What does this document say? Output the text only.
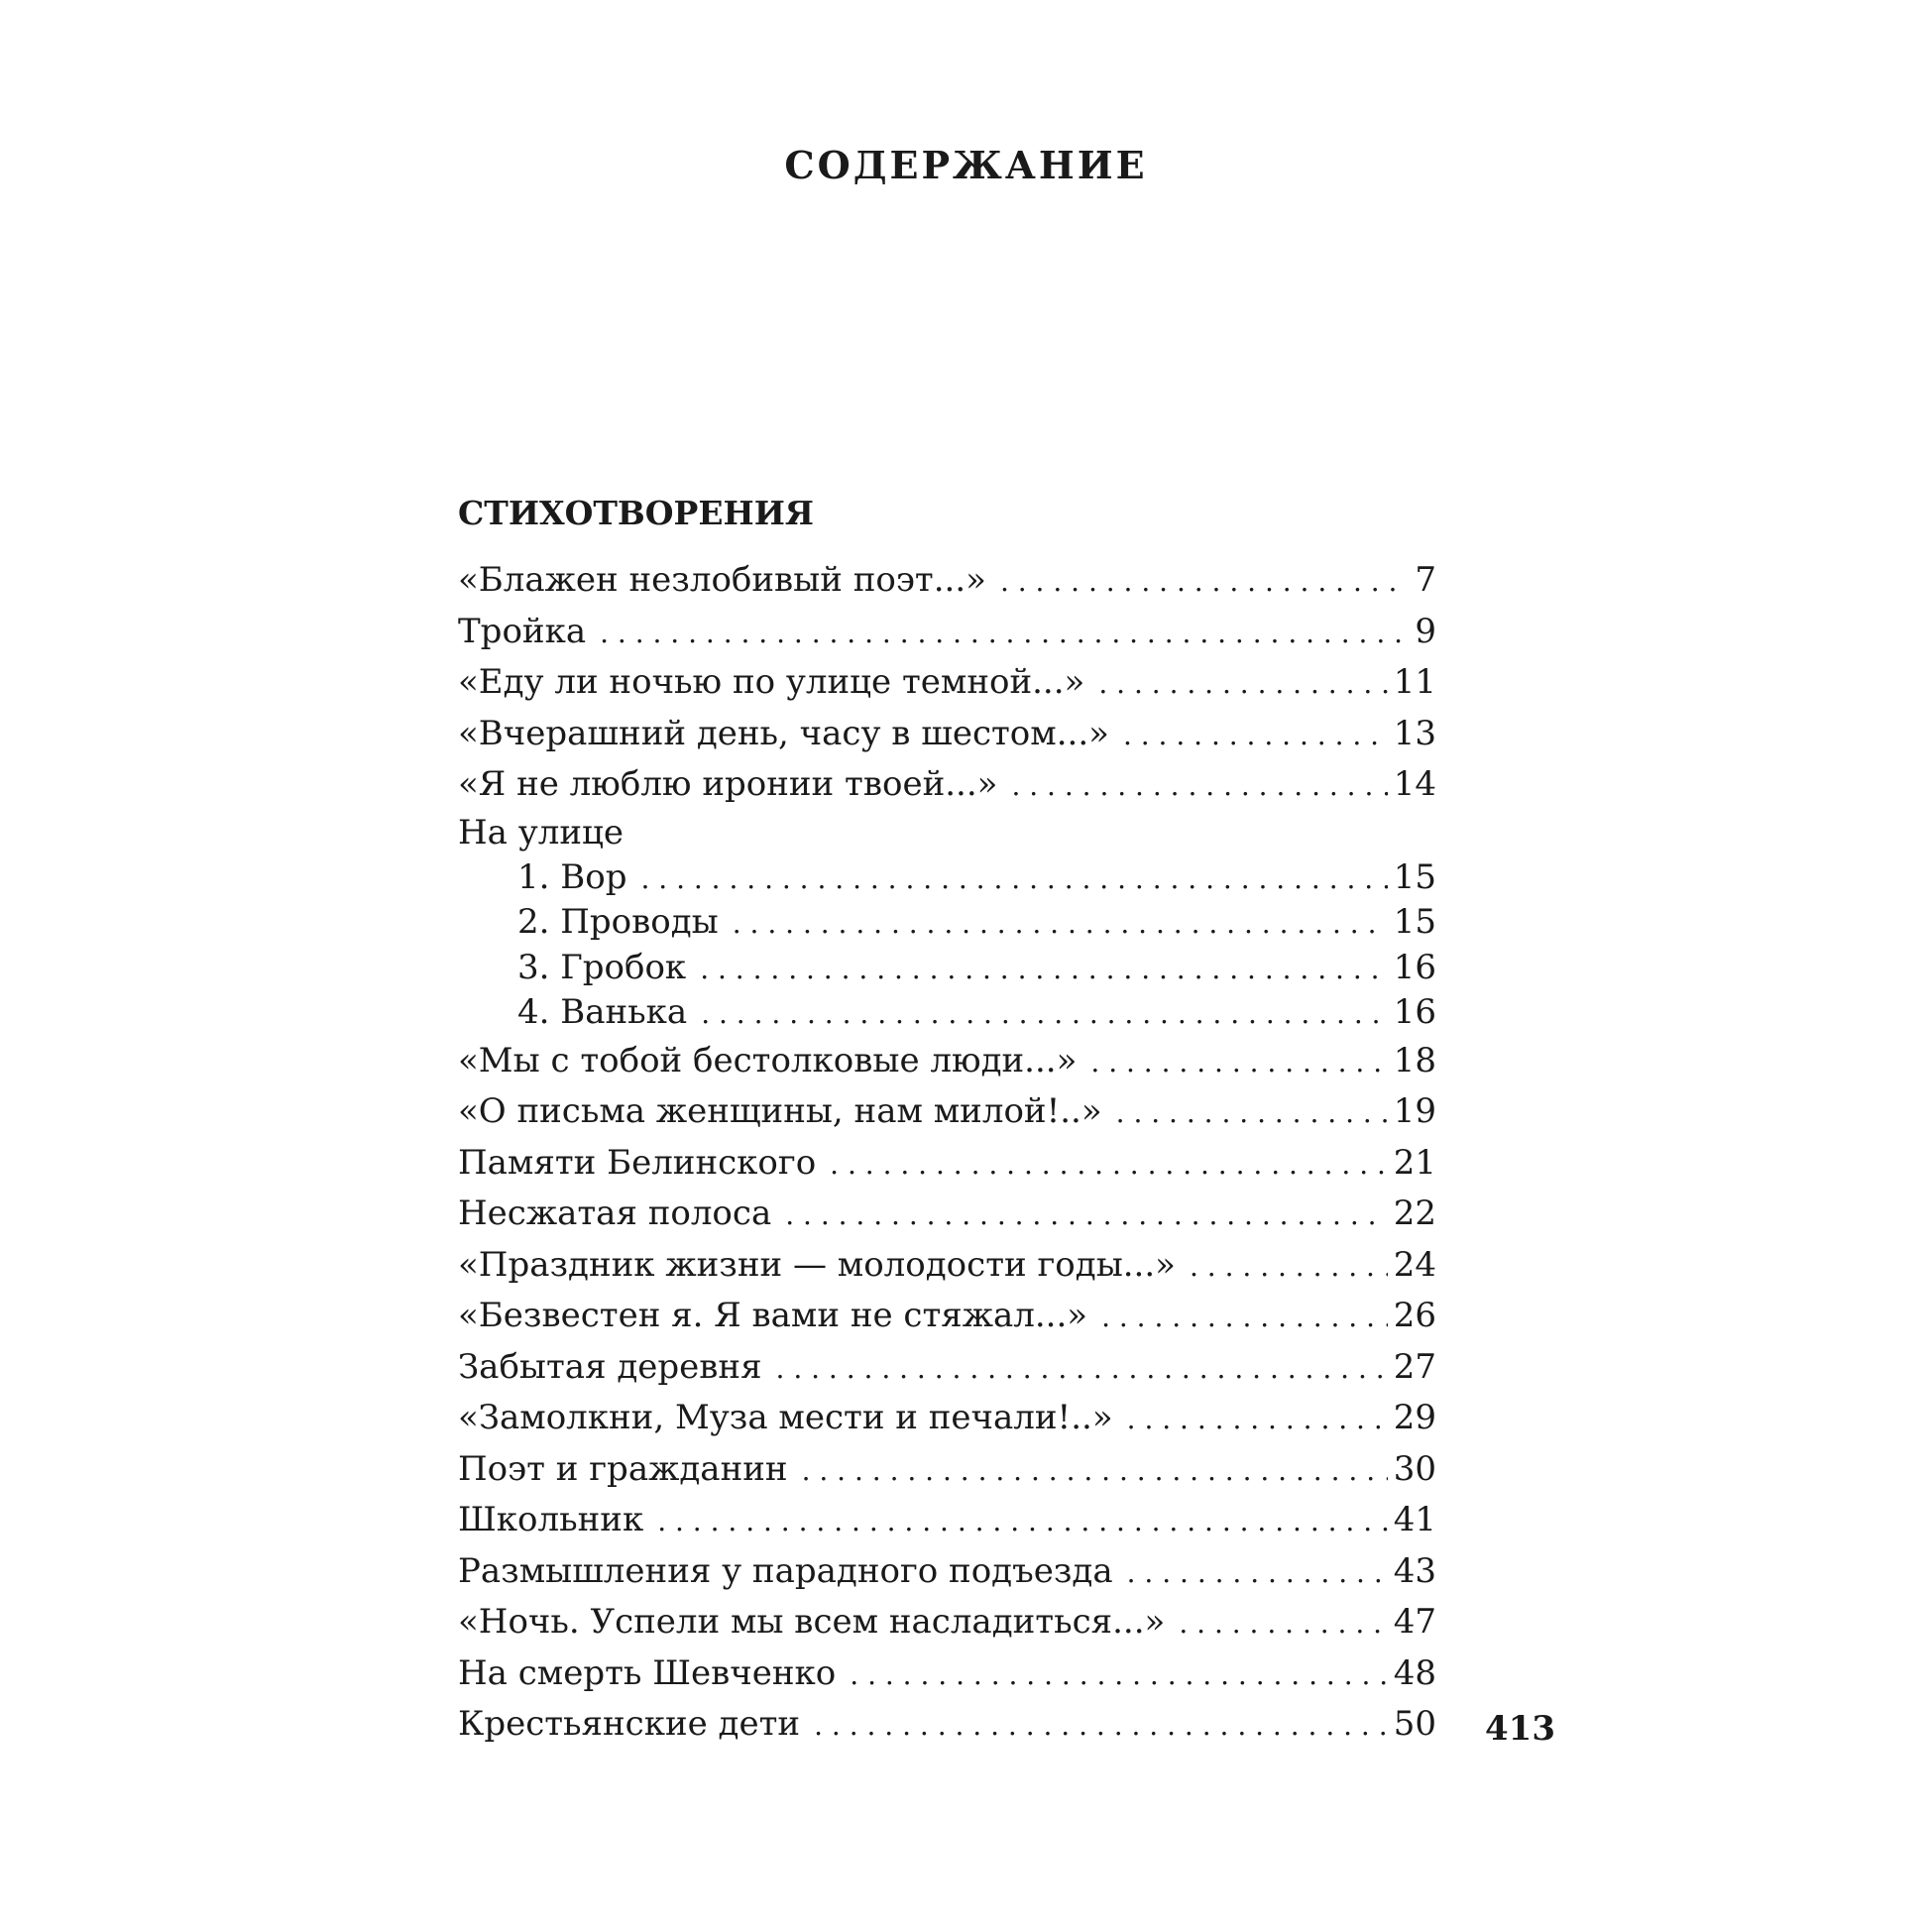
СОДЕРЖАНИЕ
СТИХОТВОРЕНИЯ
«Блажен незлобивый поэт...» . . .	7
Тройка . . .	9
«Еду ли ночью по улице темной...» . . .	11
«Вчерашний день, часу в шестом...» . . .	13
«Я не люблю иронии твоей...» . . .	14
На улице
1. Вор . . .	15
2. Проводы . . .	15
3. Гробок . . .	16
4. Ванька . . .	16
«Мы с тобой бестолковые люди...» . . .	18
«О письма женщины, нам милой!..» . . .	19
Памяти Белинского . . .	21
Несжатая полоса . . .	22
«Праздник жизни — молодости годы...» . . .	24
«Безвестен я. Я вами не стяжал...» . . .	26
Забытая деревня . . .	27
«Замолкни, Муза мести и печали!..» . . .	29
Поэт и гражданин . . .	30
Школьник . . .	41
Размышления у парадного подъезда . . .	43
«Ночь. Успели мы всем насладиться...» . . .	47
На смерть Шевченко . . .	48
Крестьянские дети . . .	50 413
